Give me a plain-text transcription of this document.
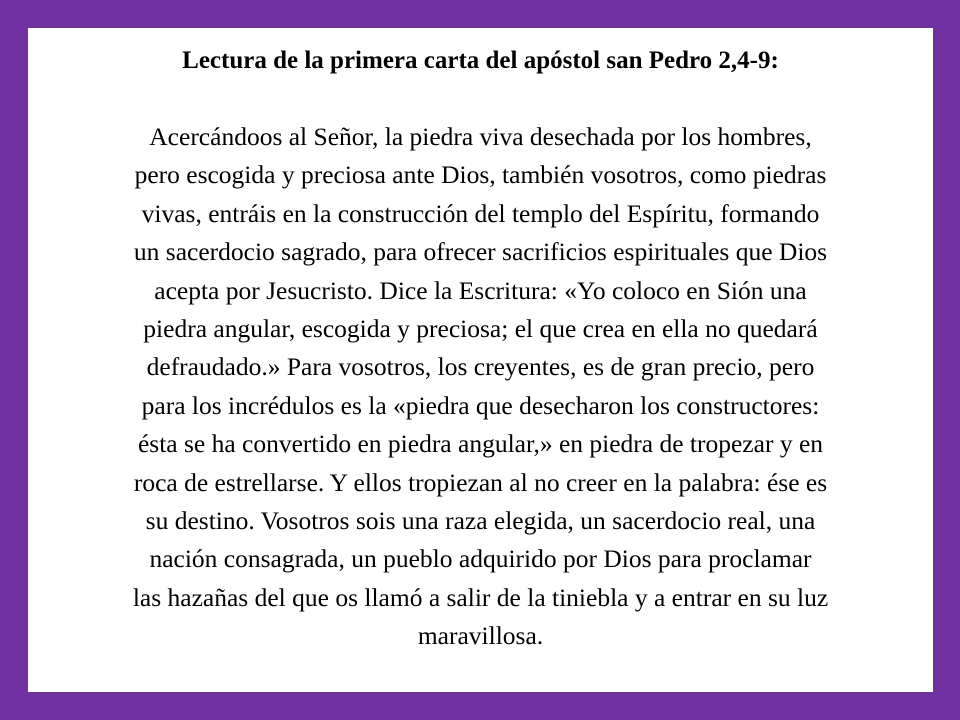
Lectura de la primera carta del apóstol san Pedro 2,4-9:

Acercándoos al Señor, la piedra viva desechada por los hombres,
pero escogida y preciosa ante Dios, también vosotros, como piedras
vivas, entráis en la construcción del templo del Espíritu, formando
un sacerdocio sagrado, para ofrecer sacrificios espirituales que Dios
acepta por Jesucristo. Dice la Escritura: «Yo coloco en Sión una
piedra angular, escogida y preciosa; el que crea en ella no quedará
defraudado.» Para vosotros, los creyentes, es de gran precio, pero
para los incrédulos es la «piedra que desecharon los constructores:
ésta se ha convertido en piedra angular,» en piedra de tropezar y en
roca de estrellarse. Y ellos tropiezan al no creer en la palabra: ése es
su destino. Vosotros sois una raza elegida, un sacerdocio real, una
nación consagrada, un pueblo adquirido por Dios para proclamar
las hazañas del que os llamó a salir de la tiniebla y a entrar en su luz
maravillosa.
